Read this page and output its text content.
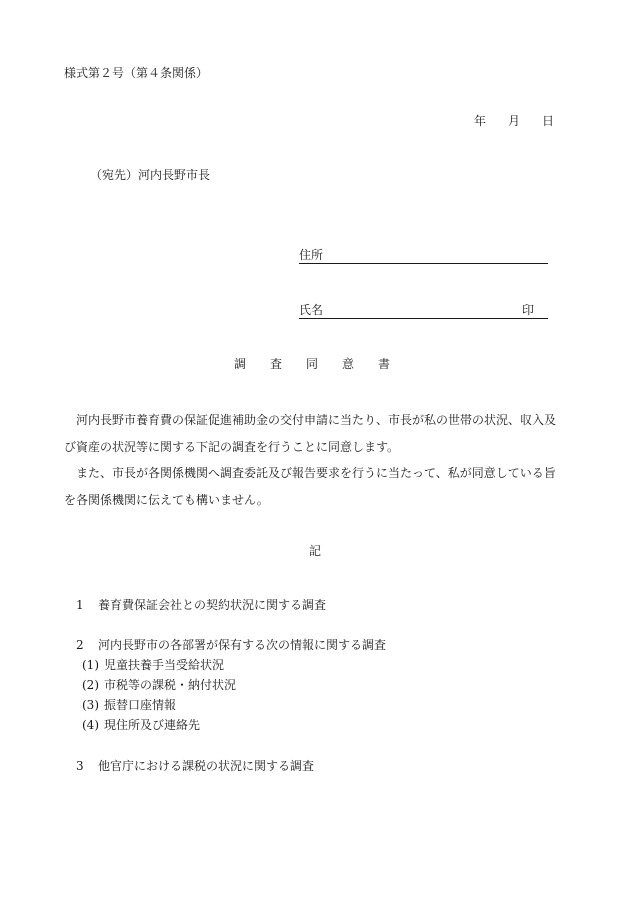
様式第２号（第４条関係）
年 月 日
（宛先）河内長野市長
住所
氏名	印
調　査　同　意　書

河内長野市養育費の保証促進補助金の交付申請に当たり、市長が私の世帯の状況、収入及び資産の状況等に関する下記の調査を行うことに同意します。

また、市長が各関係機関へ調査委託及び報告要求を行うに当たって、私が同意している旨を各関係機関に伝えても構いません。

記
1 養育費保証会社との契約状況に関する調査
2 河内長野市の各部署が保有する次の情報に関する調査
(1) 児童扶養手当受給状況
(2) 市税等の課税・納付状況
(3) 振替口座情報
(4) 現住所及び連絡先
3 他官庁における課税の状況に関する調査
